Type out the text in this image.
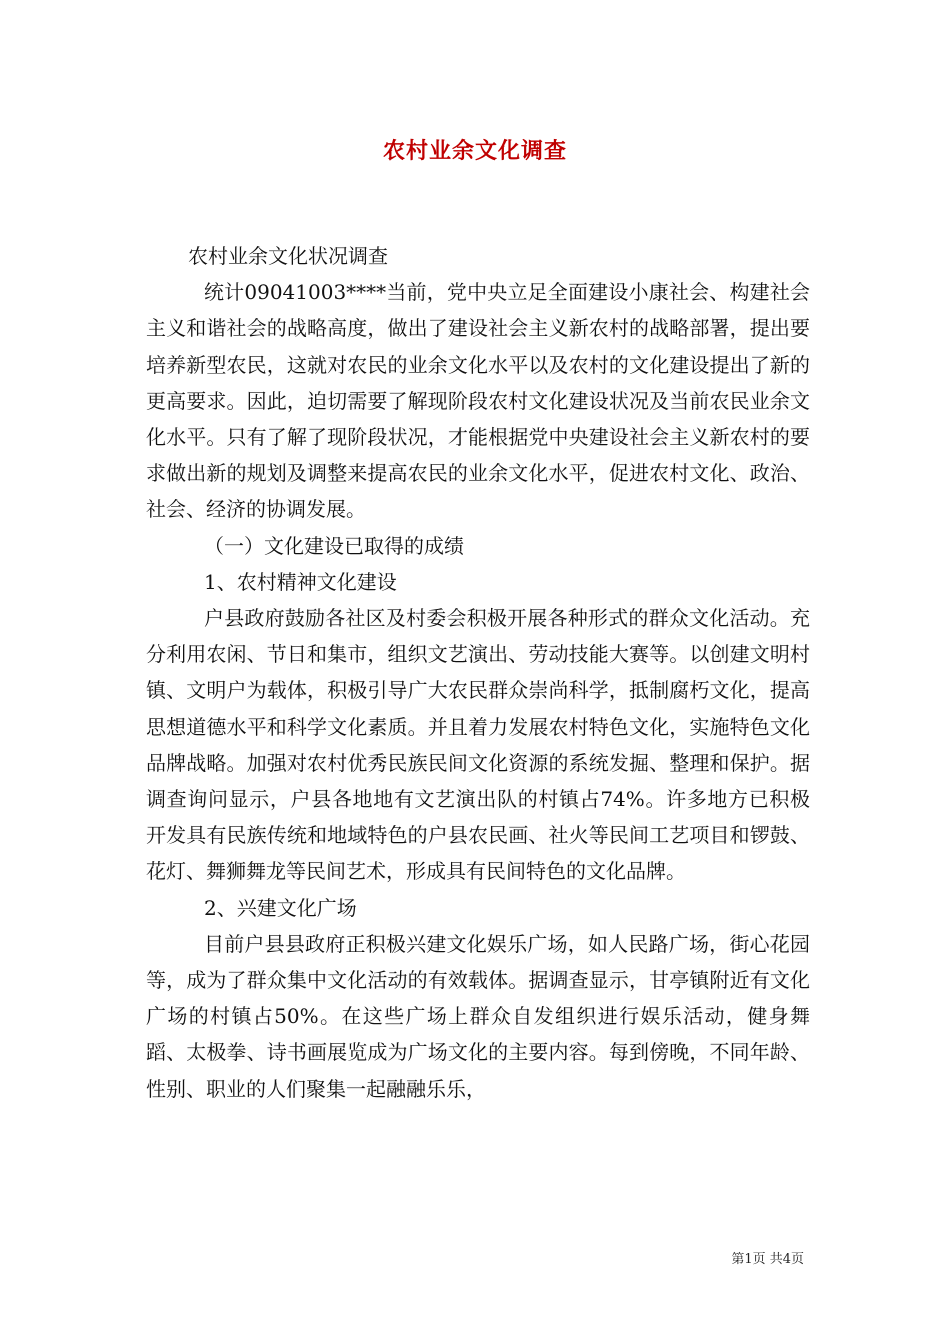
农村业余文化调查

农村业余文化状况调查

统计09041003****当前，党中央立足全面建设小康社会、构建社会主义和谐社会的战略高度，做出了建设社会主义新农村的战略部署，提出要培养新型农民，这就对农民的业余文化水平以及农村的文化建设提出了新的更高要求。因此，迫切需要了解现阶段农村文化建设状况及当前农民业余文化水平。只有了解了现阶段状况，才能根据党中央建设社会主义新农村的要求做出新的规划及调整来提高农民的业余文化水平，促进农村文化、政治、社会、经济的协调发展。

（一）文化建设已取得的成绩

1、农村精神文化建设

户县政府鼓励各社区及村委会积极开展各种形式的群众文化活动。充分利用农闲、节日和集市，组织文艺演出、劳动技能大赛等。以创建文明村镇、文明户为载体，积极引导广大农民群众崇尚科学，抵制腐朽文化，提高思想道德水平和科学文化素质。并且着力发展农村特色文化，实施特色文化品牌战略。加强对农村优秀民族民间文化资源的系统发掘、整理和保护。据调查询问显示，户县各地地有文艺演出队的村镇占74%。许多地方已积极开发具有民族传统和地域特色的户县农民画、社火等民间工艺项目和锣鼓、花灯、舞狮舞龙等民间艺术，形成具有民间特色的文化品牌。

2、兴建文化广场

目前户县县政府正积极兴建文化娱乐广场，如人民路广场，街心花园等，成为了群众集中文化活动的有效载体。据调查显示，甘亭镇附近有文化广场的村镇占50%。在这些广场上群众自发组织进行娱乐活动，健身舞蹈、太极拳、诗书画展览成为广场文化的主要内容。每到傍晚，不同年龄、性别、职业的人们聚集一起融融乐乐，

第1页 共4页
